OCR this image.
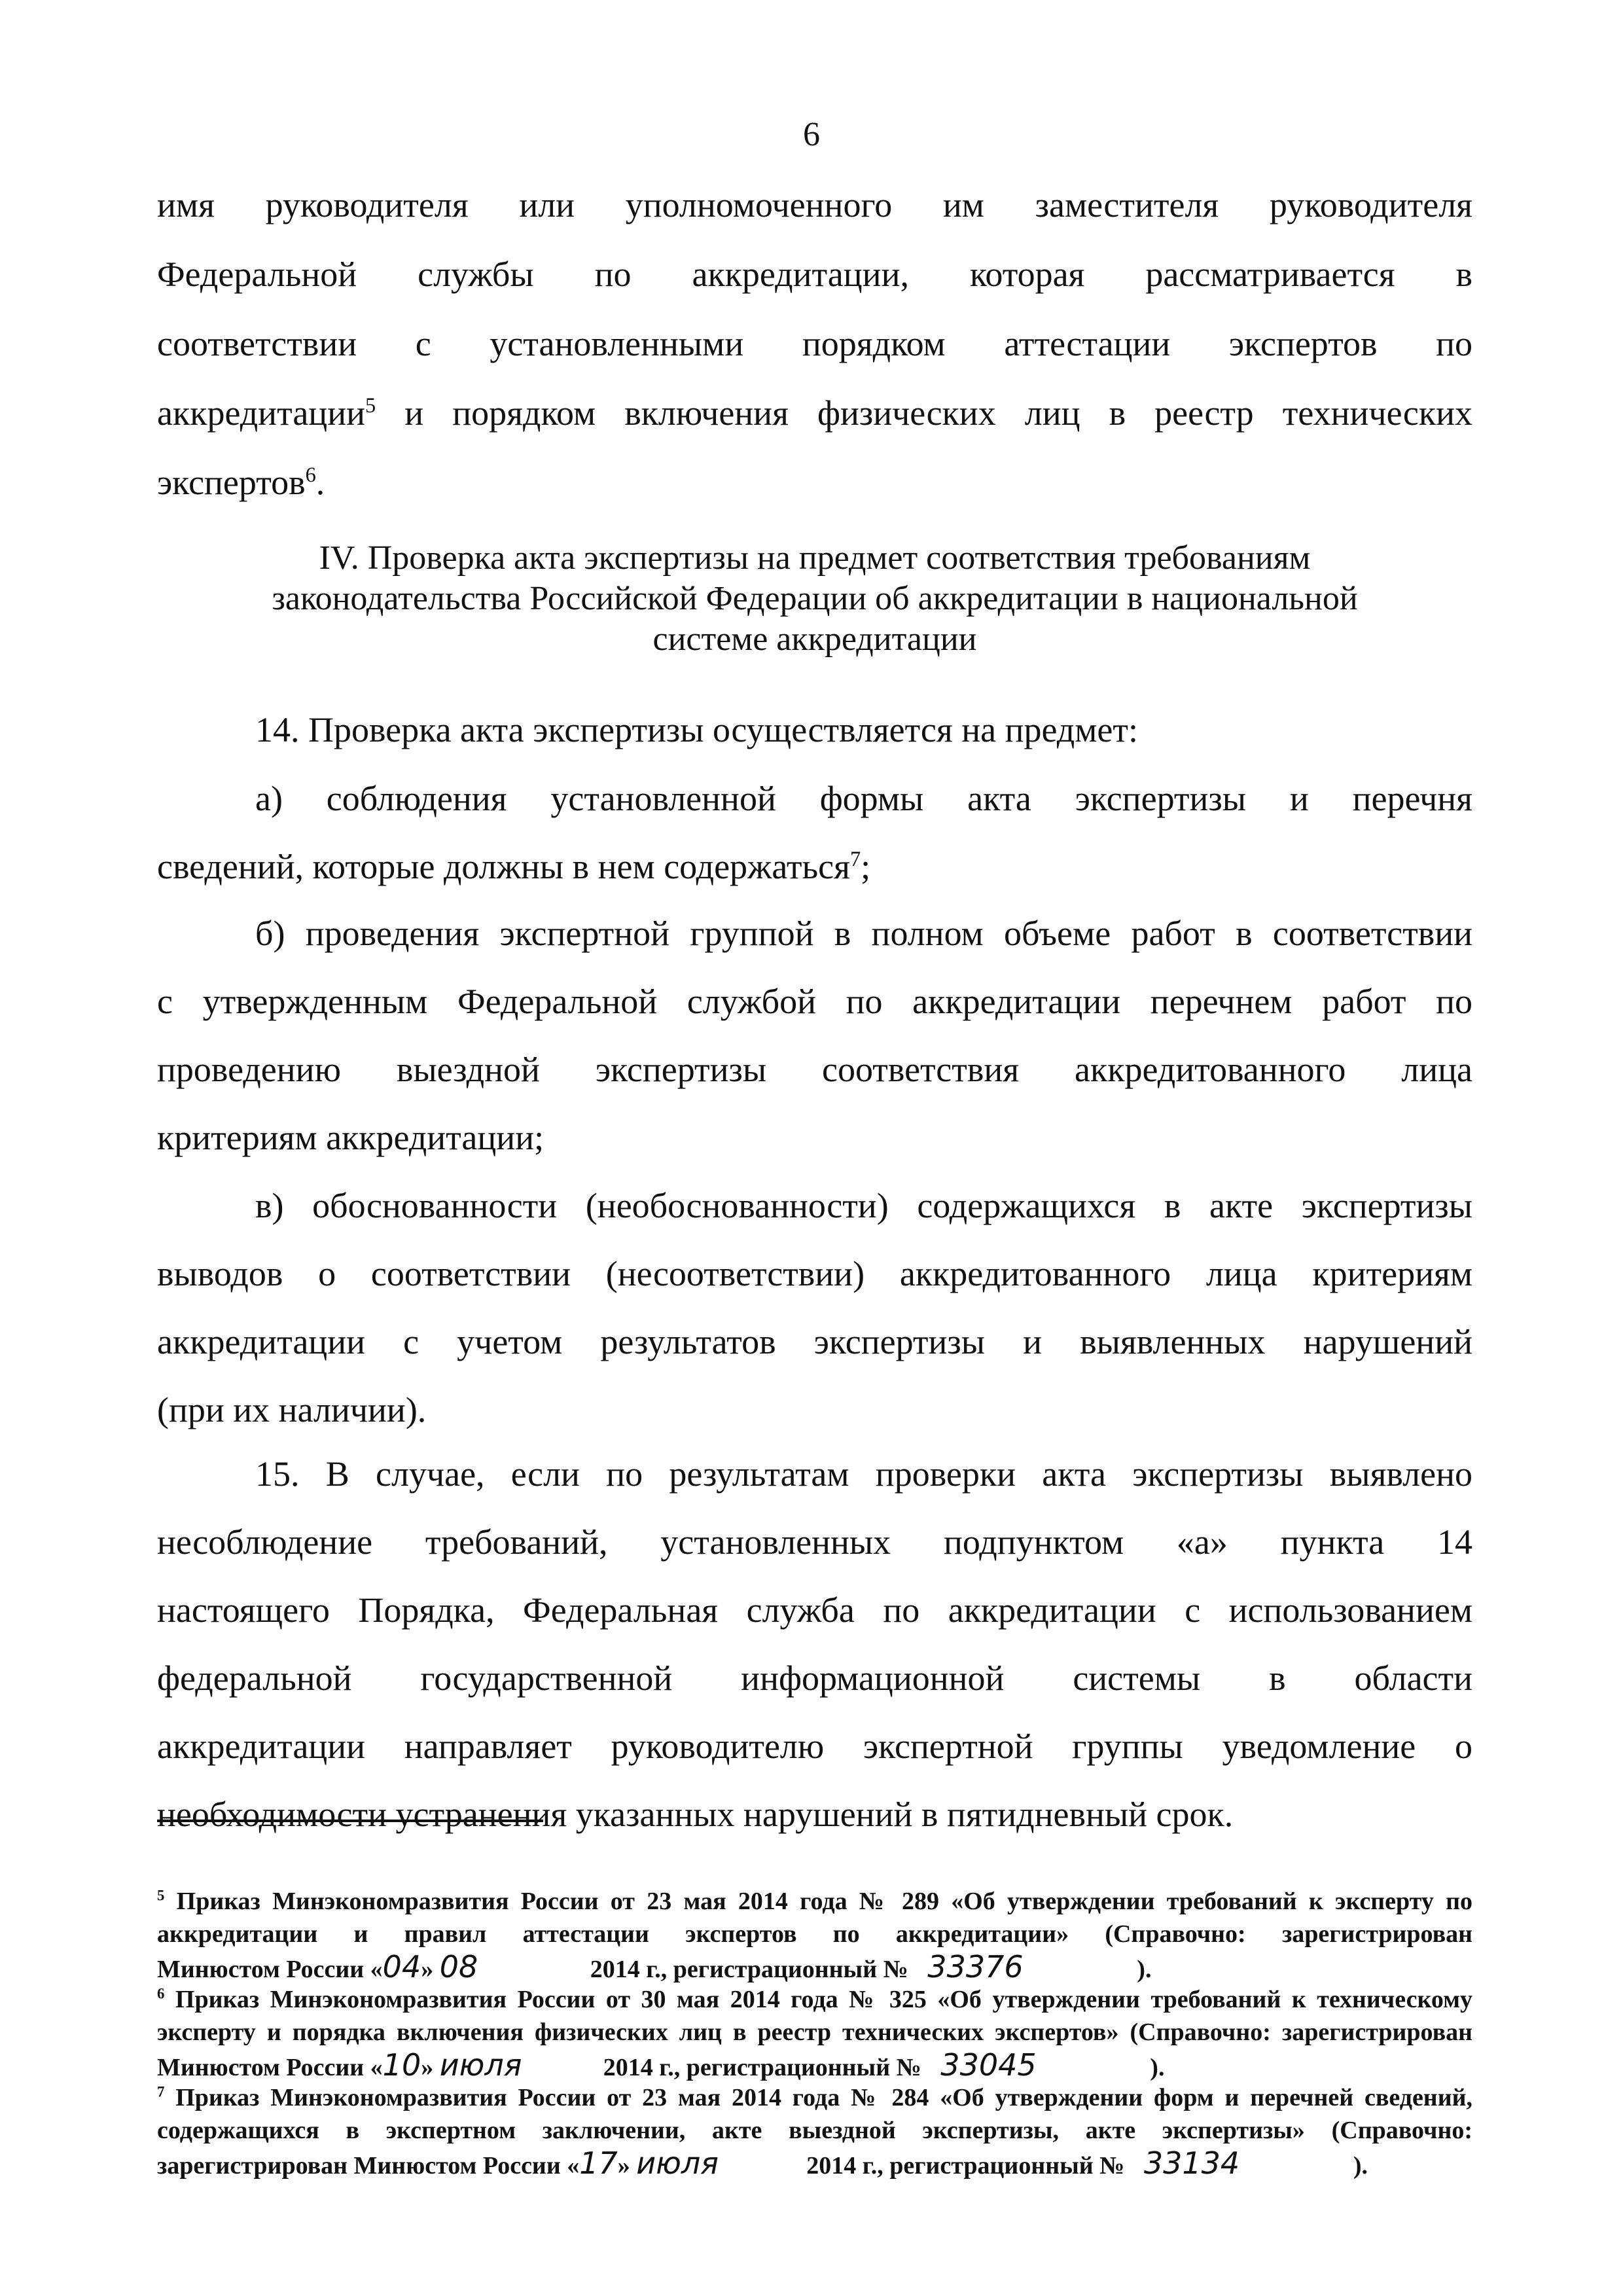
6

имя руководителя или уполномоченного им заместителя руководителя

Федеральной службы по аккредитации, которая рассматривается в

соответствии с установленными порядком аттестации экспертов по

аккредитации$^5$ и порядком включения физических лиц в реестр технических

экспертов$^6$.

IV. Проверка акта экспертизы на предмет соответствия требованиям
законодательства Российской Федерации об аккредитации в национальной
системе аккредитации

14. Проверка акта экспертизы осуществляется на предмет:

а) соблюдения установленной формы акта экспертизы и перечня

сведений, которые должны в нем содержаться$^7$;

б) проведения экспертной группой в полном объеме работ в соответствии

с утвержденным Федеральной службой по аккредитации перечнем работ по

проведению выездной экспертизы соответствия аккредитованного лица

критериям аккредитации;

в) обоснованности (необоснованности) содержащихся в акте экспертизы

выводов о соответствии (несоответствии) аккредитованного лица критериям

аккредитации с учетом результатов экспертизы и выявленных нарушений

(при их наличии).

15. В случае, если по результатам проверки акта экспертизы выявлено

несоблюдение требований, установленных подпунктом «а» пункта 14

настоящего Порядка, Федеральная служба по аккредитации с использованием

федеральной государственной информационной системы в области

аккредитации направляет руководителю экспертной группы уведомление о

необходимости устранения указанных нарушений в пятидневный срок.

$^5$ Приказ Минэкономразвития России от 23 мая 2014 года № 289 «Об утверждении требований к эксперту по

аккредитации и правил аттестации экспертов по аккредитации» (Справочно: зарегистрирован

Минюстом России «04» 08	2014 г., регистрационный № 33376	).

$^6$ Приказ Минэкономразвития России от 30 мая 2014 года № 325 «Об утверждении требований к техническому

эксперту и порядка включения физических лиц в реестр технических экспертов» (Справочно: зарегистрирован

Минюстом России «10» июля	2014 г., регистрационный № 33045	).

$^7$ Приказ Минэкономразвития России от 23 мая 2014 года № 284 «Об утверждении форм и перечней сведений,

содержащихся в экспертном заключении, акте выездной экспертизы, акте экспертизы» (Справочно:

зарегистрирован Минюстом России «17» июля	2014 г., регистрационный № 33134	).
